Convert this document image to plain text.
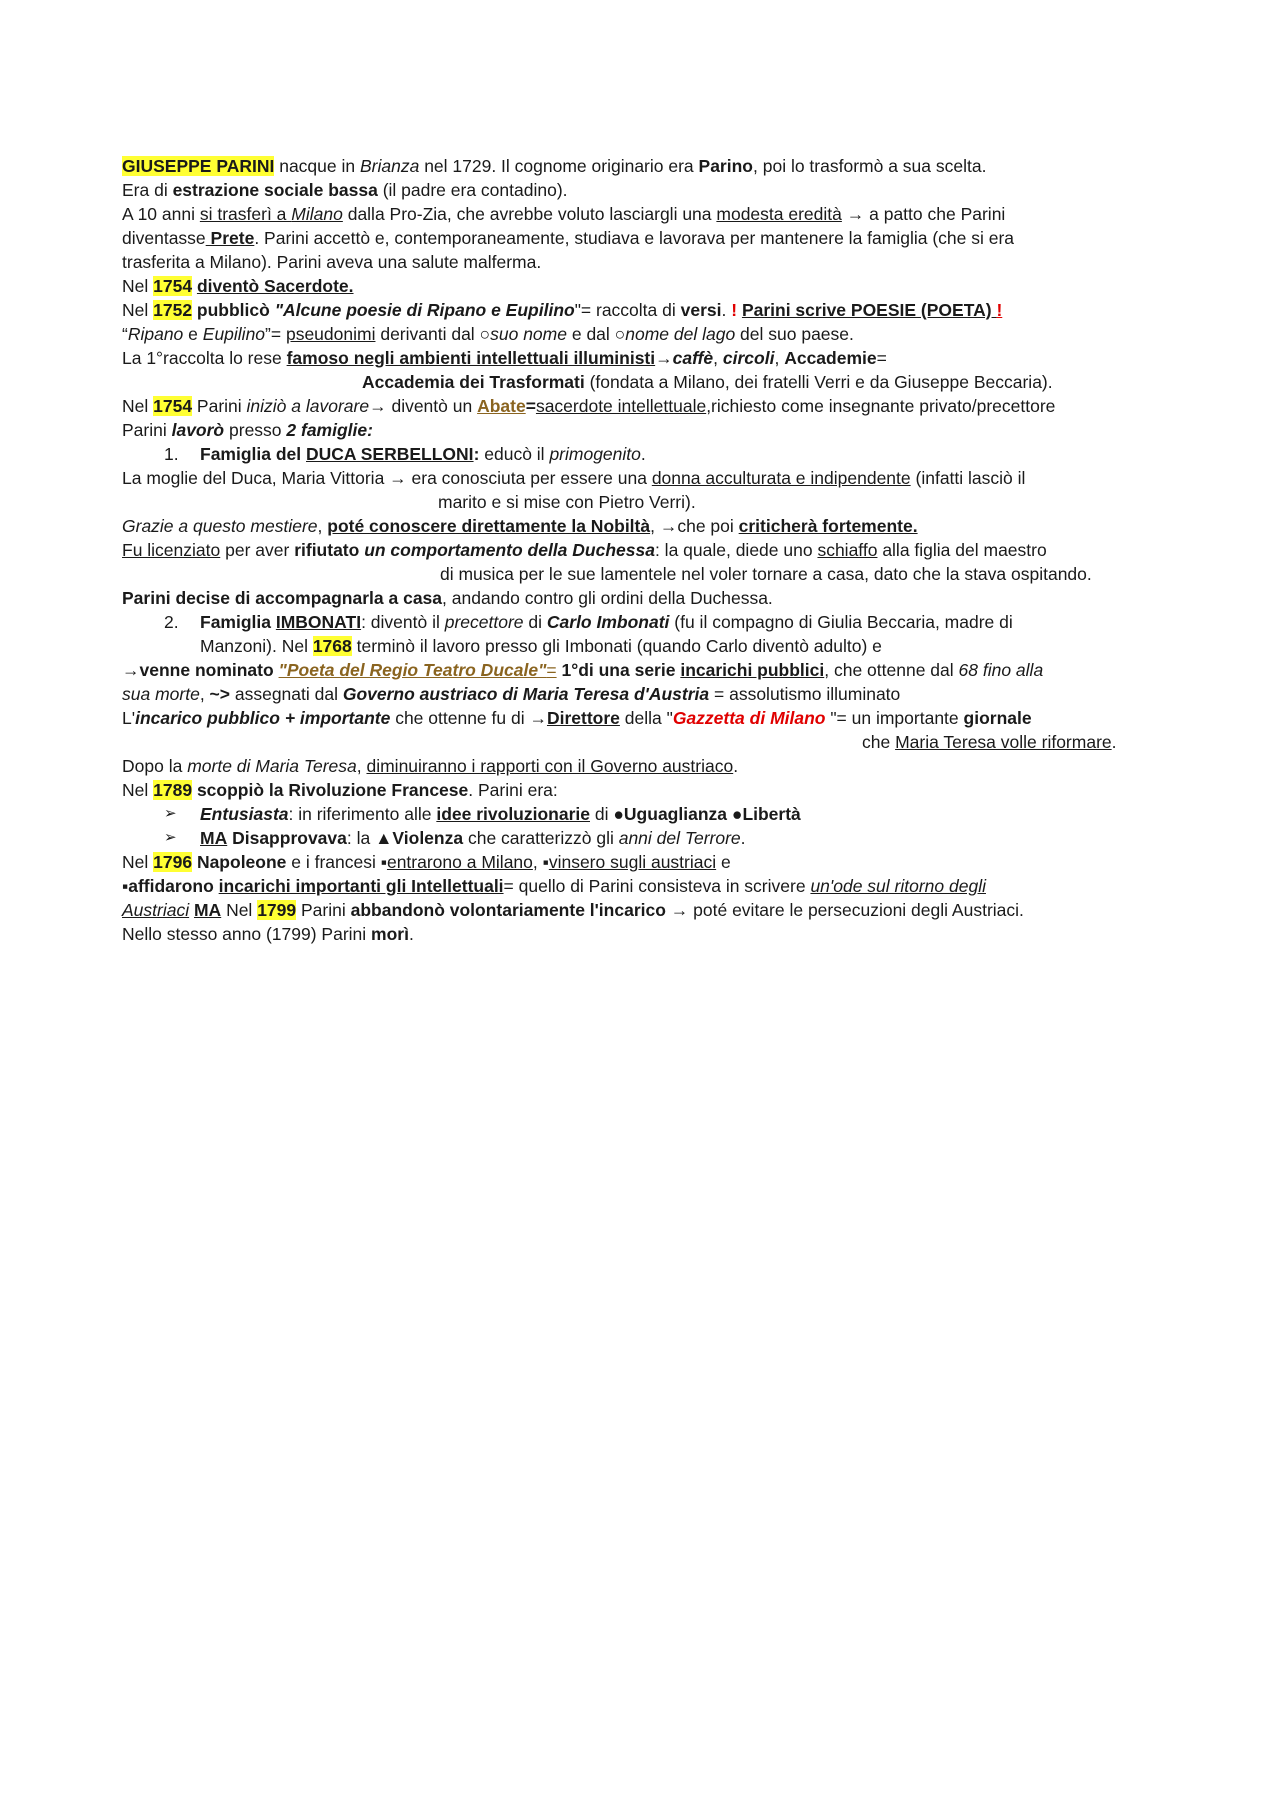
GIUSEPPE PARINI nacque in Brianza nel 1729. Il cognome originario era Parino, poi lo trasformò a sua scelta.
Era di estrazione sociale bassa (il padre era contadino).
A 10 anni si trasferì a Milano dalla Pro-Zia, che avrebbe voluto lasciargli una modesta eredità → a patto che Parini
diventasse Prete. Parini accettò e, contemporaneamente, studiava e lavorava per mantenere la famiglia (che si era
trasferita a Milano). Parini aveva una salute malferma.
Nel 1754 diventò Sacerdote.
Nel 1752 pubblicò "Alcune poesie di Ripano e Eupilino"= raccolta di versi. ! Parini scrive POESIE (POETA) !
“Ripano e Eupilino”= pseudonimi derivanti dal ○suo nome e dal ○nome del lago del suo paese.
La 1°raccolta lo rese famoso negli ambienti intellettuali illuministi→caffè, circoli, Accademie=
Accademia dei Trasformati (fondata a Milano, dei fratelli Verri e da Giuseppe Beccaria).
Nel 1754 Parini iniziò a lavorare→ diventò un Abate=sacerdote intellettuale,richiesto come insegnante privato/precettore
Parini lavorò presso 2 famiglie:
1. Famiglia del DUCA SERBELLONI: educò il primogenito.
La moglie del Duca, Maria Vittoria → era conosciuta per essere una donna acculturata e indipendente (infatti lasciò il
marito e si mise con Pietro Verri).
Grazie a questo mestiere, poté conoscere direttamente la Nobiltà, →che poi criticherà fortemente.
Fu licenziato per aver rifiutato un comportamento della Duchessa: la quale, diede uno schiaffo alla figlia del maestro
di musica per le sue lamentele nel voler tornare a casa, dato che la stava ospitando.
Parini decise di accompagnarla a casa, andando contro gli ordini della Duchessa.
2. Famiglia IMBONATI: diventò il precettore di Carlo Imbonati (fu il compagno di Giulia Beccaria, madre di
Manzoni). Nel 1768 terminò il lavoro presso gli Imbonati (quando Carlo diventò adulto) e
→venne nominato "Poeta del Regio Teatro Ducale"= 1°di una serie incarichi pubblici, che ottenne dal 68 fino alla
sua morte, ~> assegnati dal Governo austriaco di Maria Teresa d'Austria = assolutismo illuminato
L'incarico pubblico + importante che ottenne fu di →Direttore della "Gazzetta di Milano "= un importante giornale
che Maria Teresa volle riformare.
Dopo la morte di Maria Teresa, diminuiranno i rapporti con il Governo austriaco.
Nel 1789 scoppiò la Rivoluzione Francese. Parini era:
➢ Entusiasta: in riferimento alle idee rivoluzionarie di ●Uguaglianza ●Libertà
➢ MA Disapprovava: la ▲Violenza che caratterizzò gli anni del Terrore.
Nel 1796 Napoleone e i francesi ▪entrarono a Milano, ▪vinsero sugli austriaci e
▪affidarono incarichi importanti gli Intellettuali= quello di Parini consisteva in scrivere un'ode sul ritorno degli
Austriaci MA Nel 1799 Parini abbandonò volontariamente l'incarico → poté evitare le persecuzioni degli Austriaci.
Nello stesso anno (1799) Parini morì.
